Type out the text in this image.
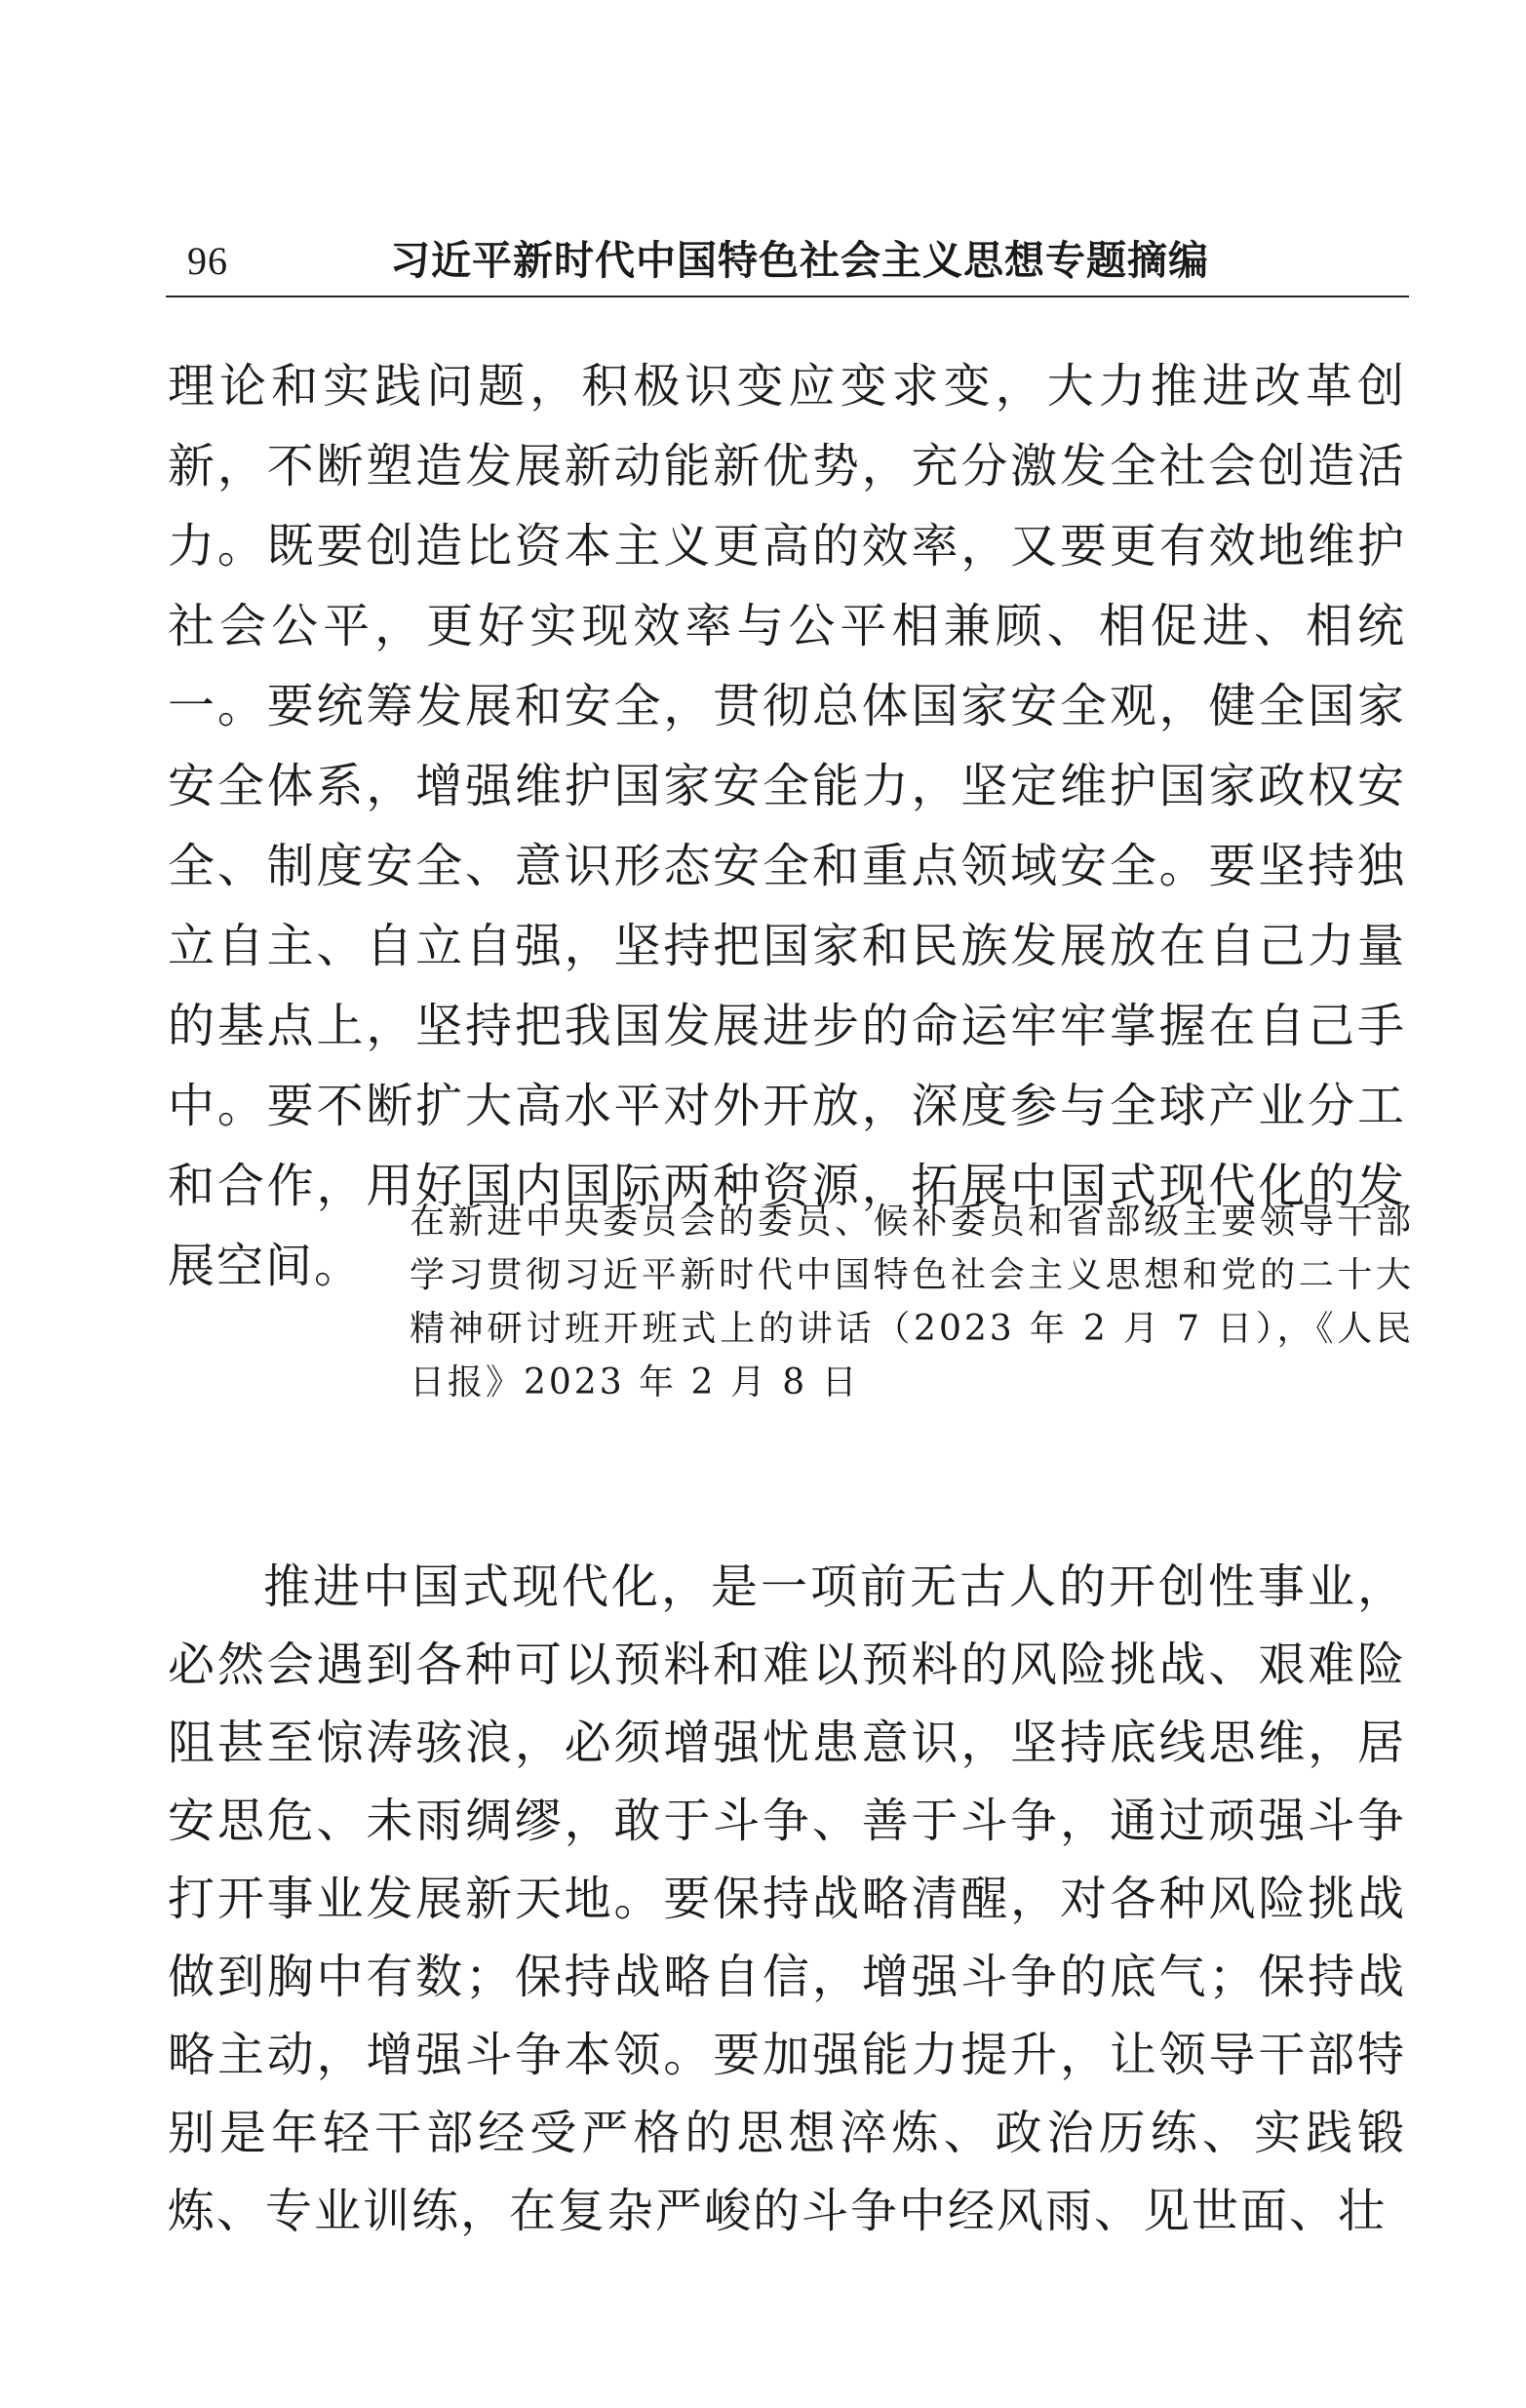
96	习近平新时代中国特色社会主义思想专题摘编

理论和实践问题，积极识变应变求变，大力推进改革创新，不断塑造发展新动能新优势，充分激发全社会创造活力。既要创造比资本主义更高的效率，又要更有效地维护社会公平，更好实现效率与公平相兼顾、相促进、相统一。要统筹发展和安全，贯彻总体国家安全观，健全国家安全体系，增强维护国家安全能力，坚定维护国家政权安全、制度安全、意识形态安全和重点领域安全。要坚持独立自主、自立自强，坚持把国家和民族发展放在自己力量的基点上，坚持把我国发展进步的命运牢牢掌握在自己手中。要不断扩大高水平对外开放，深度参与全球产业分工和合作，用好国内国际两种资源，拓展中国式现代化的发展空间。

在新进中央委员会的委员、候补委员和省部级主要领导干部学习贯彻习近平新时代中国特色社会主义思想和党的二十大精神研讨班开班式上的讲话（2023 年 2 月 7 日），《人民日报》2023 年 2 月 8 日

推进中国式现代化，是一项前无古人的开创性事业，必然会遇到各种可以预料和难以预料的风险挑战、艰难险阻甚至惊涛骇浪，必须增强忧患意识，坚持底线思维，居安思危、未雨绸缪，敢于斗争、善于斗争，通过顽强斗争打开事业发展新天地。要保持战略清醒，对各种风险挑战做到胸中有数；保持战略自信，增强斗争的底气；保持战略主动，增强斗争本领。要加强能力提升，让领导干部特别是年轻干部经受严格的思想淬炼、政治历练、实践锻炼、专业训练，在复杂严峻的斗争中经风雨、见世面、壮
